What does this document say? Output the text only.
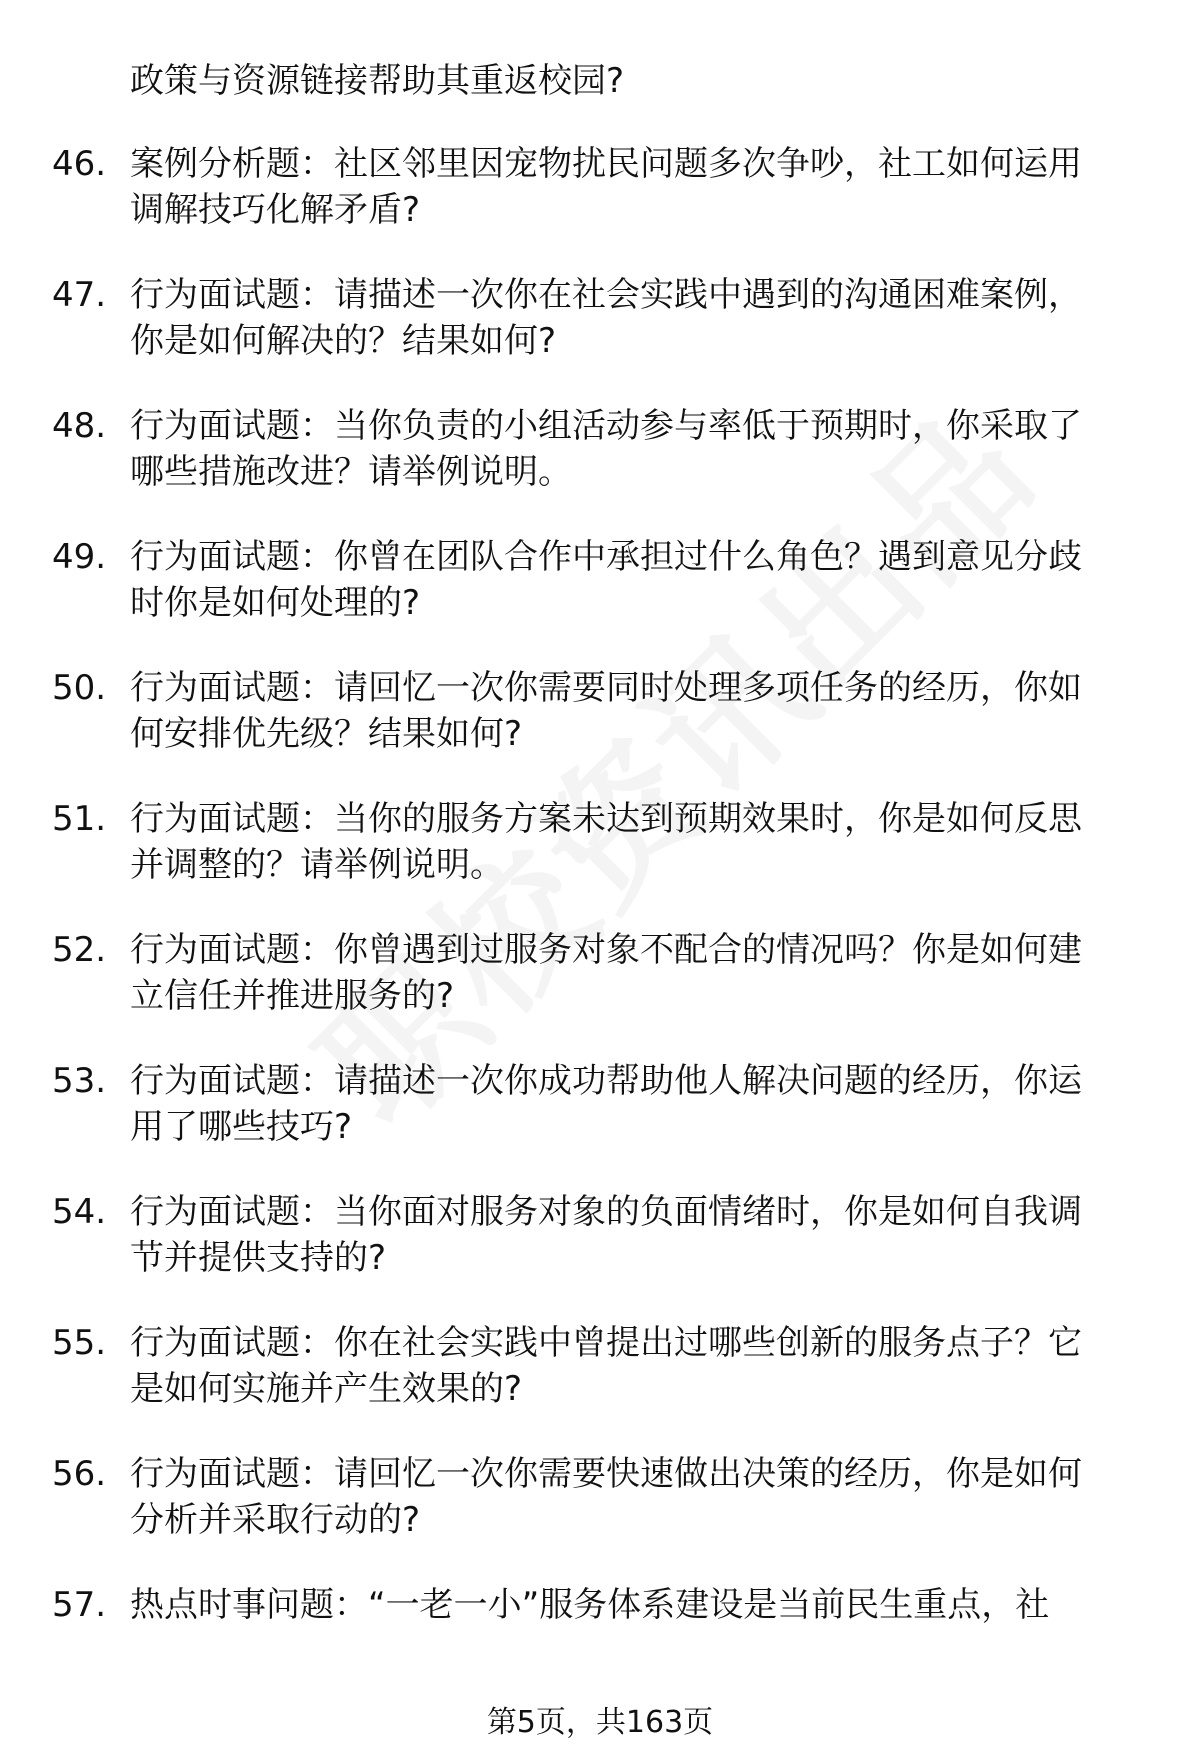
政策与资源链接帮助其重返校园?
46. 案例分析题：社区邻里因宠物扰民问题多次争吵，社工如何运用
调解技巧化解矛盾?
47. 行为面试题：请描述一次你在社会实践中遇到的沟通困难案例，
你是如何解决的？结果如何?
48. 行为面试题：当你负责的小组活动参与率低于预期时，你采取了
哪些措施改进？请举例说明。
49. 行为面试题：你曾在团队合作中承担过什么角色？遇到意见分歧
时你是如何处理的?
50. 行为面试题：请回忆一次你需要同时处理多项任务的经历，你如
何安排优先级？结果如何?
51. 行为面试题：当你的服务方案未达到预期效果时，你是如何反思
并调整的？请举例说明。
52. 行为面试题：你曾遇到过服务对象不配合的情况吗？你是如何建
立信任并推进服务的?
53. 行为面试题：请描述一次你成功帮助他人解决问题的经历，你运
用了哪些技巧?
54. 行为面试题：当你面对服务对象的负面情绪时，你是如何自我调
节并提供支持的?
55. 行为面试题：你在社会实践中曾提出过哪些创新的服务点子？它
是如何实施并产生效果的?
56. 行为面试题：请回忆一次你需要快速做出决策的经历，你是如何
分析并采取行动的?
57. 热点时事问题：“一老一小”服务体系建设是当前民生重点，社
第5页，共163页
